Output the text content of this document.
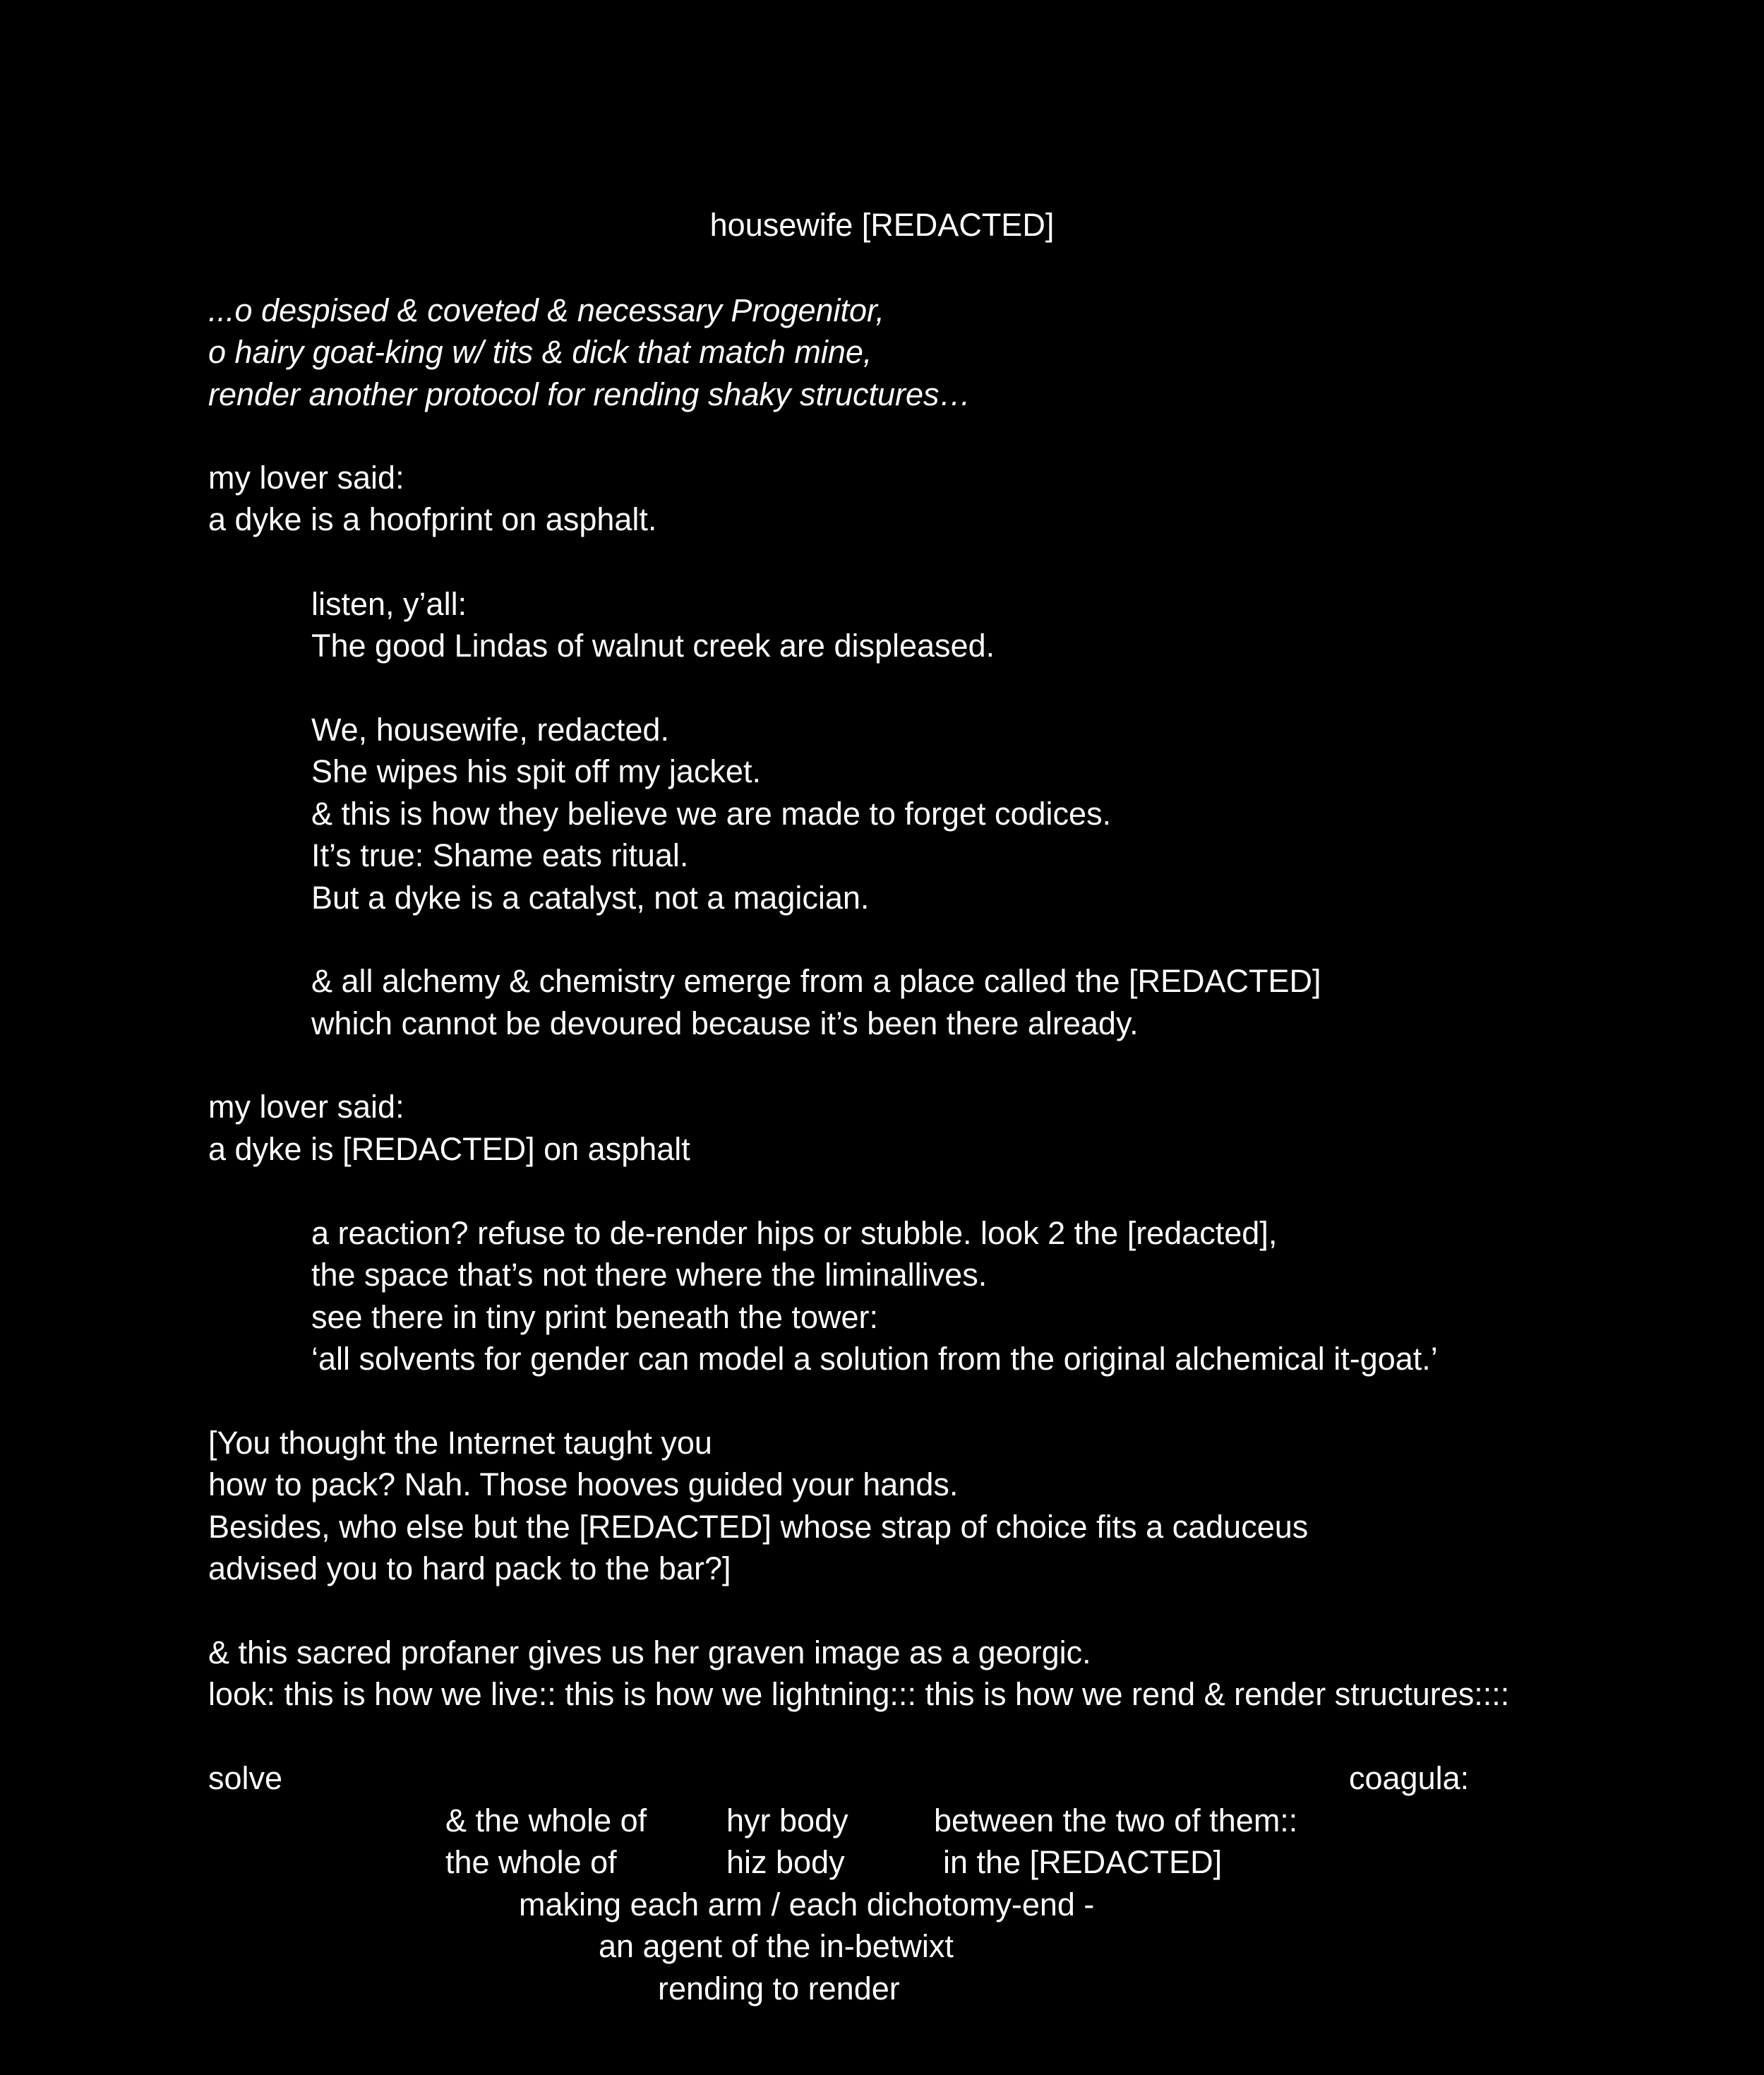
housewife [REDACTED]
...o despised & coveted & necessary Progenitor,
o hairy goat-king w/ tits & dick that match mine,
render another protocol for rending shaky structures…
my lover said:
a dyke is a hoofprint on asphalt.
listen, y’all:
The good Lindas of walnut creek are displeased.
We, housewife, redacted.
She wipes his spit off my jacket.
& this is how they believe we are made to forget codices.
It’s true: Shame eats ritual.
But a dyke is a catalyst, not a magician.
& all alchemy & chemistry emerge from a place called the [REDACTED]
which cannot be devoured because it’s been there already.
my lover said:
a dyke is [REDACTED] on asphalt
a reaction? refuse to de-render hips or stubble. look 2 the [redacted],
the space that’s not there where the liminallives.
see there in tiny print beneath the tower:
‘all solvents for gender can model a solution from the original alchemical it-goat.’
[You thought the Internet taught you
how to pack? Nah. Those hooves guided your hands.
Besides, who else but the [REDACTED] whose strap of choice fits a caduceus
advised you to hard pack to the bar?]
& this sacred profaner gives us her graven image as a georgic.
look: this is how we live:: this is how we lightning::: this is how we rend & render structures::::
solve	coagula:
& the whole of	hyr body	between the two of them::
the whole of	hiz body	in the [REDACTED]
making each arm / each dichotomy-end -
an agent of the in-betwixt
rending to render
